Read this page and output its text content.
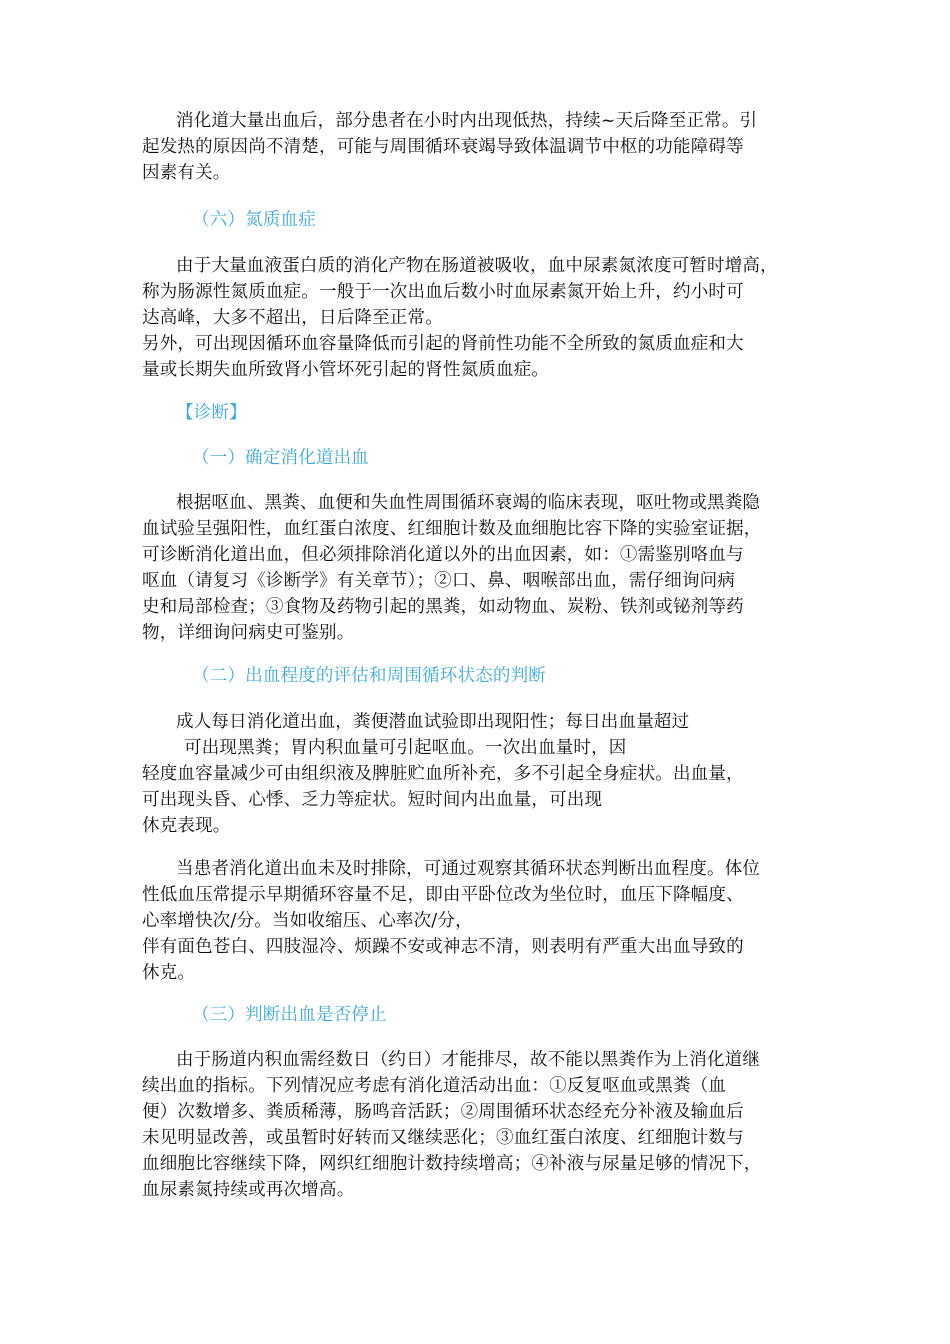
消化道大量出血后，部分患者在小时内出现低热，持续~天后降至正常。引
起发热的原因尚不清楚，可能与周围循环衰竭导致体温调节中枢的功能障碍等
因素有关。
（六）氮质血症
由于大量血液蛋白质的消化产物在肠道被吸收，血中尿素氮浓度可暂时增高，
称为肠源性氮质血症。一般于一次出血后数小时血尿素氮开始上升，约小时可
达高峰，大多不超出，日后降至正常。
另外，可出现因循环血容量降低而引起的肾前性功能不全所致的氮质血症和大
量或长期失血所致肾小管坏死引起的肾性氮质血症。
【诊断】
（一）确定消化道出血
根据呕血、黑粪、血便和失血性周围循环衰竭的临床表现，呕吐物或黑粪隐
血试验呈强阳性，血红蛋白浓度、红细胞计数及血细胞比容下降的实验室证据，
可诊断消化道出血，但必须排除消化道以外的出血因素，如：①需鉴别咯血与
呕血（请复习《诊断学》有关章节）；②口、鼻、咽喉部出血，需仔细询问病
史和局部检查；③食物及药物引起的黑粪，如动物血、炭粉、铁剂或铋剂等药
物，详细询问病史可鉴别。
（二）出血程度的评估和周围循环状态的判断
成人每日消化道出血，粪便潜血试验即出现阳性；每日出血量超过
可出现黑粪；胃内积血量可引起呕血。一次出血量时，因
轻度血容量减少可由组织液及脾脏贮血所补充，多不引起全身症状。出血量，
可出现头昏、心悸、乏力等症状。短时间内出血量，可出现
休克表现。
当患者消化道出血未及时排除，可通过观察其循环状态判断出血程度。体位
性低血压常提示早期循环容量不足，即由平卧位改为坐位时，血压下降幅度、
心率增快次/分。当如收缩压、心率次/分，
伴有面色苍白、四肢湿冷、烦躁不安或神志不清，则表明有严重大出血导致的
休克。
（三）判断出血是否停止
由于肠道内积血需经数日（约日）才能排尽，故不能以黑粪作为上消化道继
续出血的指标。下列情况应考虑有消化道活动出血：①反复呕血或黑粪（血
便）次数增多、粪质稀薄，肠鸣音活跃；②周围循环状态经充分补液及输血后
未见明显改善，或虽暂时好转而又继续恶化；③血红蛋白浓度、红细胞计数与
血细胞比容继续下降，网织红细胞计数持续增高；④补液与尿量足够的情况下，
血尿素氮持续或再次增高。
